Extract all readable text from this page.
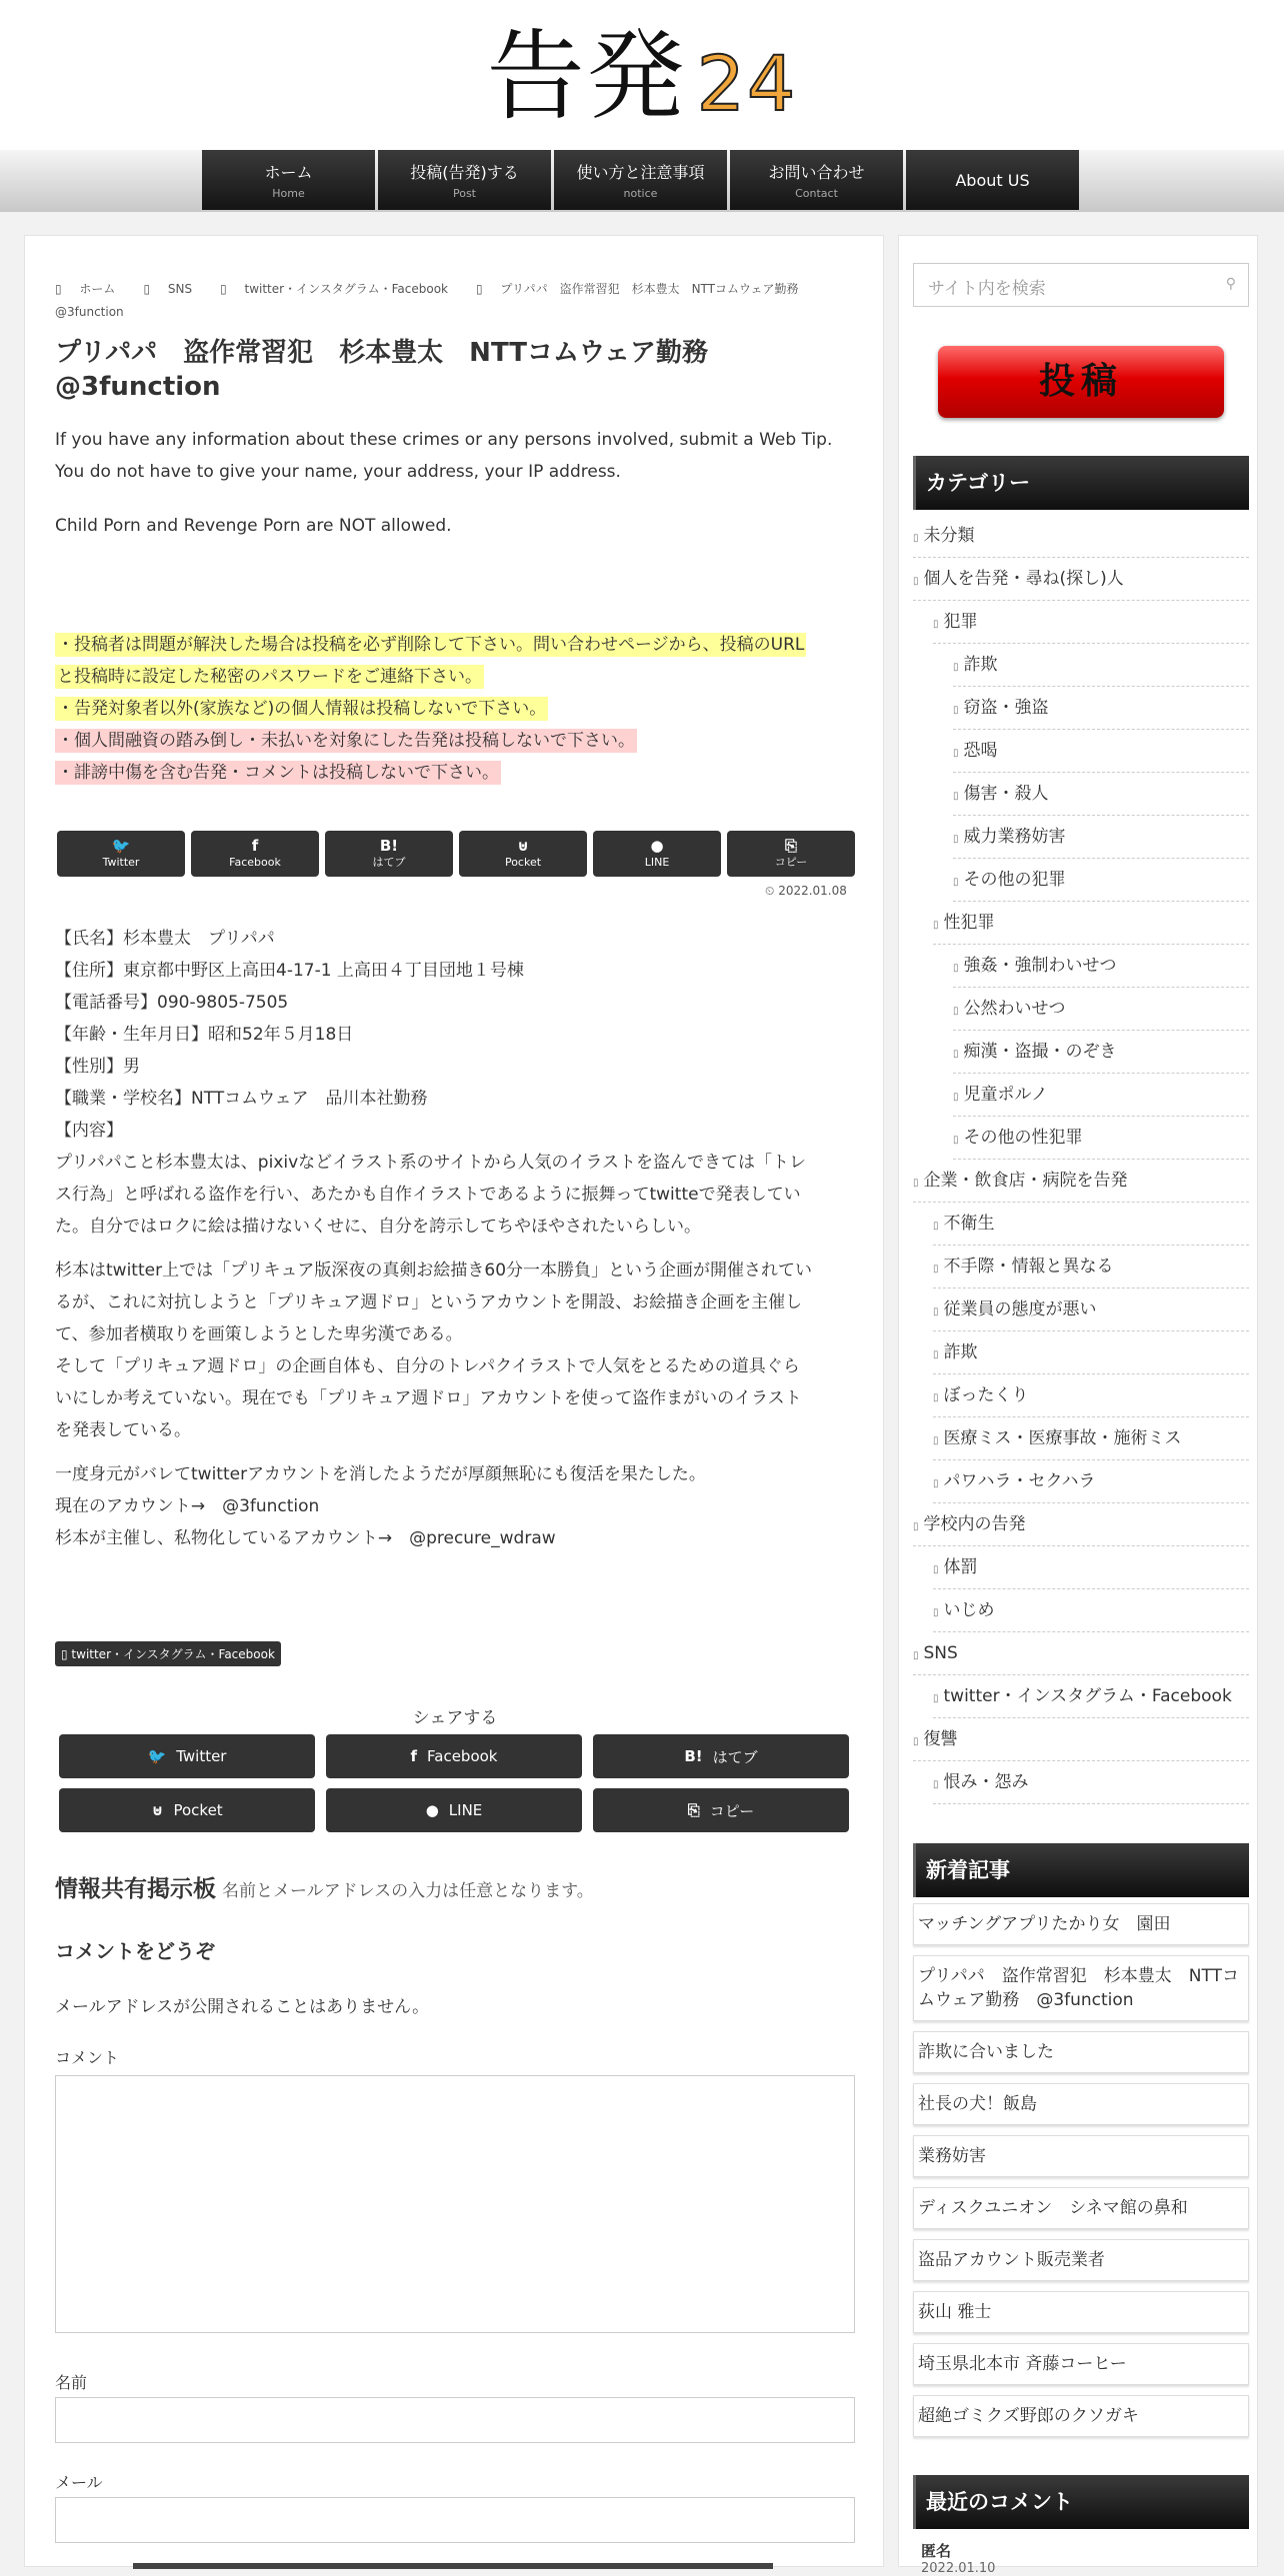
告発 24
ホーム
Home
投稿(告発)する
Post
使い方と注意事項
notice
お問い合わせ
Contact
About US
▯ ホーム ▯ SNS ▯ twitter・インスタグラム・Facebook ▯ プリパパ　盗作常習犯　杉本豊太　NTTコムウェア勤務　@3function
プリパパ　盗作常習犯　杉本豊太　NTTコムウェア勤務　@3function
If you have any information about these crimes or any persons involved, submit a Web Tip.
You do not have to give your name, your address, your IP address.
Child Porn and Revenge Porn are NOT allowed.
・投稿者は問題が解決した場合は投稿を必ず削除して下さい。問い合わせページから、投稿のURL
と投稿時に設定した秘密のパスワードをご連絡下さい。
・告発対象者以外(家族など)の個人情報は投稿しないで下さい。
・個人間融資の踏み倒し・未払いを対象にした告発は投稿しないで下さい。
・誹謗中傷を含む告発・コメントは投稿しないで下さい。
🐦
Twitter
f
Facebook
B!
はてブ
⊍
Pocket
●
LINE
⎘
コピー
⏲ 2022.01.08
【氏名】杉本豊太　プリパパ
【住所】東京都中野区上高田4-17-1 上高田４丁目団地１号棟
【電話番号】090-9805-7505
【年齢・生年月日】昭和52年５月18日
【性別】男
【職業・学校名】NTTコムウェア　品川本社勤務
【内容】
プリパパこと杉本豊太は、pixivなどイラスト系のサイトから人気のイラストを盗んできては「トレ
ス行為」と呼ばれる盗作を行い、あたかも自作イラストであるように振舞ってtwitteで発表してい
た。自分ではロクに絵は描けないくせに、自分を誇示してちやほやされたいらしい。
杉本はtwitter上では「プリキュア版深夜の真剣お絵描き60分一本勝負」という企画が開催されてい
るが、これに対抗しようと「プリキュア週ドロ」というアカウントを開設、お絵描き企画を主催し
て、参加者横取りを画策しようとした卑劣漢である。
そして「プリキュア週ドロ」の企画自体も、自分のトレパクイラストで人気をとるための道具ぐら
いにしか考えていない。現在でも「プリキュア週ドロ」アカウントを使って盗作まがいのイラスト
を発表している。
一度身元がバレてtwitterアカウントを消したようだが厚顔無恥にも復活を果たした。
現在のアカウント→　@3function
杉本が主催し、私物化しているアカウント→　@precure_wdraw
▯ twitter・インスタグラム・Facebook
シェアする
🐦 Twitter	f Facebook	B! はてブ
⊍ Pocket	● LINE	⎘ コピー
情報共有掲示板 名前とメールアドレスの入力は任意となります。
コメントをどうぞ
メールアドレスが公開されることはありません。
コメント
名前
メール
サイト内を検索	⚲
投稿
カテゴリー
▯ 未分類
▯ 個人を告発・尋ね(探し)人
▯ 犯罪
▯ 詐欺
▯ 窃盗・強盗
▯ 恐喝
▯ 傷害・殺人
▯ 威力業務妨害
▯ その他の犯罪
▯ 性犯罪
▯ 強姦・強制わいせつ
▯ 公然わいせつ
▯ 痴漢・盗撮・のぞき
▯ 児童ポルノ
▯ その他の性犯罪
▯ 企業・飲食店・病院を告発
▯ 不衛生
▯ 不手際・情報と異なる
▯ 従業員の態度が悪い
▯ 詐欺
▯ ぼったくり
▯ 医療ミス・医療事故・施術ミス
▯ パワハラ・セクハラ
▯ 学校内の告発
▯ 体罰
▯ いじめ
▯ SNS
▯ twitter・インスタグラム・Facebook
▯ 復讐
▯ 恨み・怨み
新着記事
マッチングアプリたかり女　園田
プリパパ　盗作常習犯　杉本豊太　NTTコムウェア勤務　@3function
詐欺に合いました
社長の犬！飯島
業務妨害
ディスクユニオン　シネマ館の鼻和
盗品アカウント販売業者
荻山 雅士
埼玉県北本市 斉藤コーヒー
超絶ゴミクズ野郎のクソガキ
最近のコメント
匿名
2022.01.10
